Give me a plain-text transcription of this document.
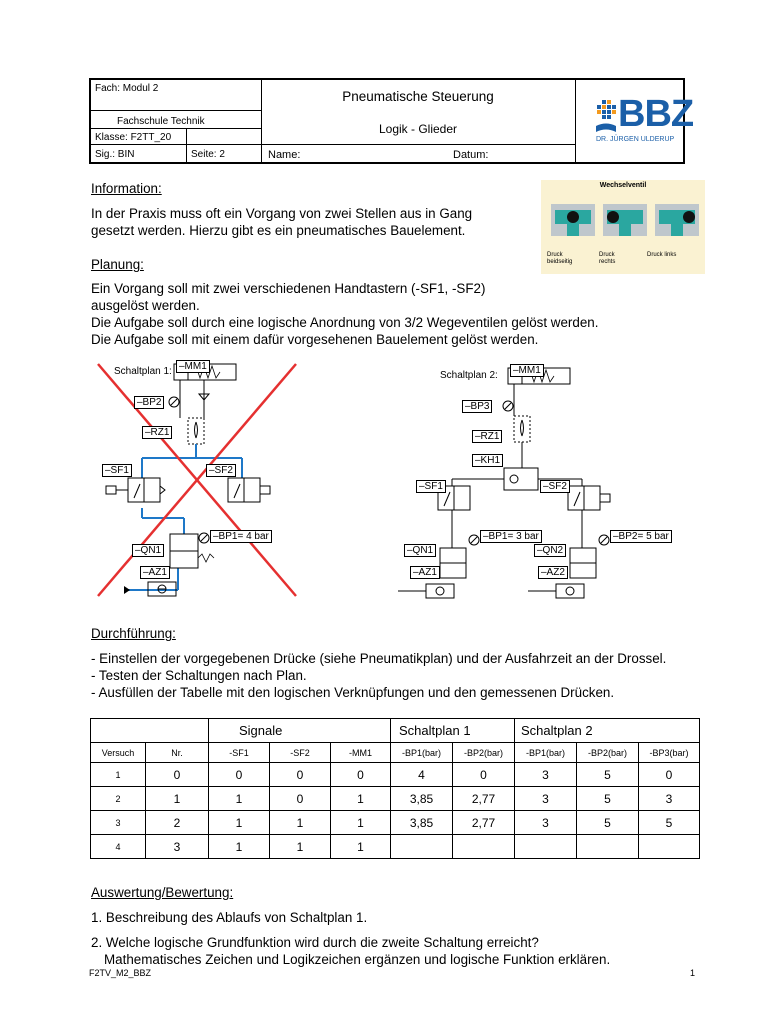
Fach: Modul 2
Fachschule Technik
Klasse: F2TT_20
Sig.: BIN	Seite: 2
Pneumatische Steuerung
Logik - Glieder
Name:	Datum:
BBZ
DR. JÜRGEN ULDERUP
Information:
In der Praxis muss oft ein Vorgang von zwei Stellen aus in Gang
gesetzt werden. Hierzu gibt es ein pneumatisches Bauelement.
Wechselventil
Druck beidseitig
Druck rechts
Druck links
Planung:
Ein Vorgang soll mit zwei verschiedenen Handtastern (-SF1, -SF2)
ausgelöst werden.
Die Aufgabe soll durch eine logische Anordnung von 3/2 Wegeventilen gelöst werden.
Die Aufgabe soll mit einem dafür vorgesehenen Bauelement gelöst werden.
Schaltplan 1: –MM1
–BP2
–RZ1
–SF1	–SF2
–BP1= 4 bar
–QN1
–AZ1
Schaltplan 2:	–MM1
–BP3
–RZ1
–KH1
–SF1	–SF2
–BP1= 3 bar	–BP2= 5 bar
–QN1	–QN2
–AZ1	–AZ2
Durchführung:
- Einstellen der vorgegebenen Drücke (siehe Pneumatikplan) und der Ausfahrzeit an der Drossel.
- Testen der Schaltungen nach Plan.
- Ausfüllen der Tabelle mit den logischen Verknüpfungen und den gemessenen Drücken.
		Signale			Schaltplan 1		Schaltplan 2		
Versuch	Nr.	-SF1	-SF2	-MM1	-BP1(bar)	-BP2(bar)	-BP1(bar)	-BP2(bar)	-BP3(bar)
1	0	0	0	0	4	0	3	5	0
2	1	1	0	1	3,85	2,77	3	5	3
3	2	1	1	1	3,85	2,77	3	5	5
4	3	1	1	1					
Auswertung/Bewertung:
1. Beschreibung des Ablaufs von Schaltplan 1.
2. Welche logische Grundfunktion wird durch die zweite Schaltung erreicht?
Mathematisches Zeichen und Logikzeichen ergänzen und logische Funktion erklären.
F2TV_M2_BBZ	1
